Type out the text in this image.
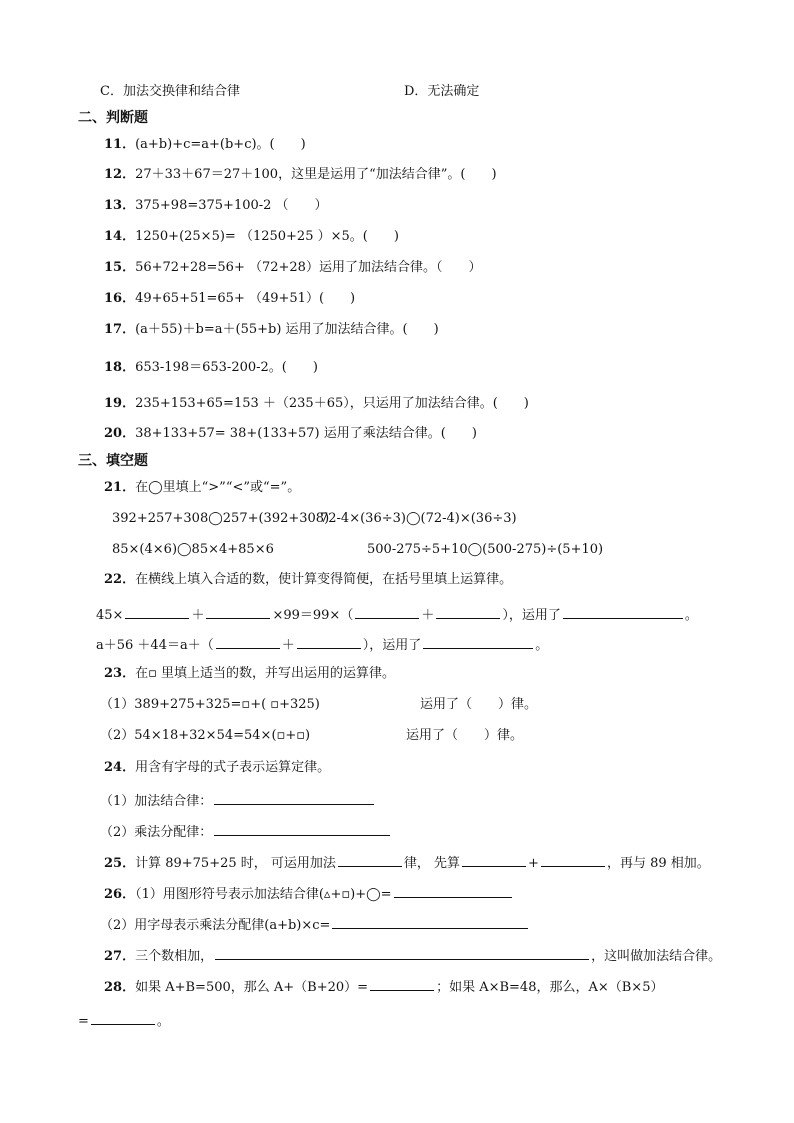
C．加法交换律和结合律	D．无法确定
二、判断题
11．(a+b)+c=a+(b+c)。(　　)
12．27＋33＋67＝27＋100，这里是运用了“加法结合律”。(　　)
13．375+98=375+100-2 （　　）
14．1250+(25×5)= （1250+25 ）×5。(　　)
15．56+72+28=56+ （72+28）运用了加法结合律。（　　）
16．49+65+51=65+ （49+51）(　　)
17．(a＋55)＋b=a＋(55+b) 运用了加法结合律。(　　)
18．653-198＝653-200-2。(　　)
19．235+153+65=153 ＋（235＋65），只运用了加法结合律。(　　)
20．38+133+57= 38+(133+57) 运用了乘法结合律。(　　)
三、填空题
21．在◯里填上“>”“<”或“=”。
392+257+308◯257+(392+308)
72-4×(36÷3)◯(72-4)×(36÷3)
85×(4×6)◯85×4+85×6	500-275÷5+10◯(500-275)÷(5+10)
22．在横线上填入合适的数，使计算变得简便，在括号里填上运算律。
45×	＋	×99＝99×（	＋	），运用了	。
a＋56 ＋44＝a＋（	＋	），运用了	。
23．在▫ 里填上适当的数，并写出运用的运算律。
（1）389+275+325=▫+( ▫+325)	运用了（　　）律。
（2）54×18+32×54=54×(▫+▫)	运用了（　　）律。
24．用含有字母的式子表示运算定律。
（1）加法结合律：
（2）乘法分配律：
25．计算 89+75+25 时， 可运用加法	律， 先算	+	，再与 89 相加。
26．（1）用图形符号表示加法结合律(▵+▫)+◯=
（2）用字母表示乘法分配律(a+b)×c=
27．三个数相加，	，这叫做加法结合律。
28．如果 A+B=500，那么 A+（B+20）=	；如果 A×B=48，那么，A×（B×5）
=	。
